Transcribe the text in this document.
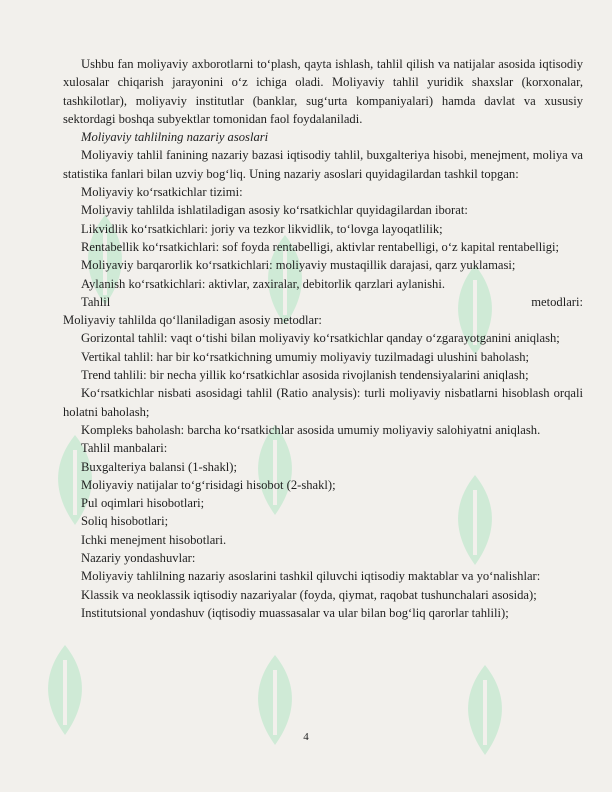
Ushbu fan moliyaviy axborotlarni to‘plash, qayta ishlash, tahlil qilish va natijalar asosida iqtisodiy xulosalar chiqarish jarayonini o‘z ichiga oladi. Moliyaviy tahlil yuridik shaxslar (korxonalar, tashkilotlar), moliyaviy institutlar (banklar, sug‘urta kompaniyalari) hamda davlat va xususiy sektordagi boshqa subyektlar tomonidan faol foydalaniladi.

Moliyaviy tahlilning nazariy asoslari

Moliyaviy tahlil fanining nazariy bazasi iqtisodiy tahlil, buxgalteriya hisobi, menejment, moliya va statistika fanlari bilan uzviy bog‘liq. Uning nazariy asoslari quyidagilardan tashkil topgan:

Moliyaviy ko‘rsatkichlar tizimi:

Moliyaviy tahlilda ishlatiladigan asosiy ko‘rsatkichlar quyidagilardan iborat:

Likvidlik ko‘rsatkichlari: joriy va tezkor likvidlik, to‘lovga layoqatlilik;

Rentabellik ko‘rsatkichlari: sof foyda rentabelligi, aktivlar rentabelligi, o‘z kapital rentabelligi;

Moliyaviy barqarorlik ko‘rsatkichlari: moliyaviy mustaqillik darajasi, qarz yuklamasi;

Aylanish ko‘rsatkichlari: aktivlar, zaxiralar, debitorlik qarzlari aylanishi.

Tahlil	metodlari:

Moliyaviy tahlilda qo‘llaniladigan asosiy metodlar:

Gorizontal tahlil: vaqt o‘tishi bilan moliyaviy ko‘rsatkichlar qanday o‘zgarayotganini aniqlash;

Vertikal tahlil: har bir ko‘rsatkichning umumiy moliyaviy tuzilmadagi ulushini baholash;

Trend tahlili: bir necha yillik ko‘rsatkichlar asosida rivojlanish tendensiyalarini aniqlash;

Ko‘rsatkichlar nisbati asosidagi tahlil (Ratio analysis): turli moliyaviy nisbatlarni hisoblash orqali holatni baholash;

Kompleks baholash: barcha ko‘rsatkichlar asosida umumiy moliyaviy salohiyatni aniqlash.

Tahlil manbalari:

Buxgalteriya balansi (1-shakl);

Moliyaviy natijalar to‘g‘risidagi hisobot (2-shakl);

Pul oqimlari hisobotlari;

Soliq hisobotlari;

Ichki menejment hisobotlari.

Nazariy yondashuvlar:

Moliyaviy tahlilning nazariy asoslarini tashkil qiluvchi iqtisodiy maktablar va yo‘nalishlar:

Klassik va neoklassik iqtisodiy nazariyalar (foyda, qiymat, raqobat tushunchalari asosida);

Institutsional yondashuv (iqtisodiy muassasalar va ular bilan bog‘liq qarorlar tahlili);

4
